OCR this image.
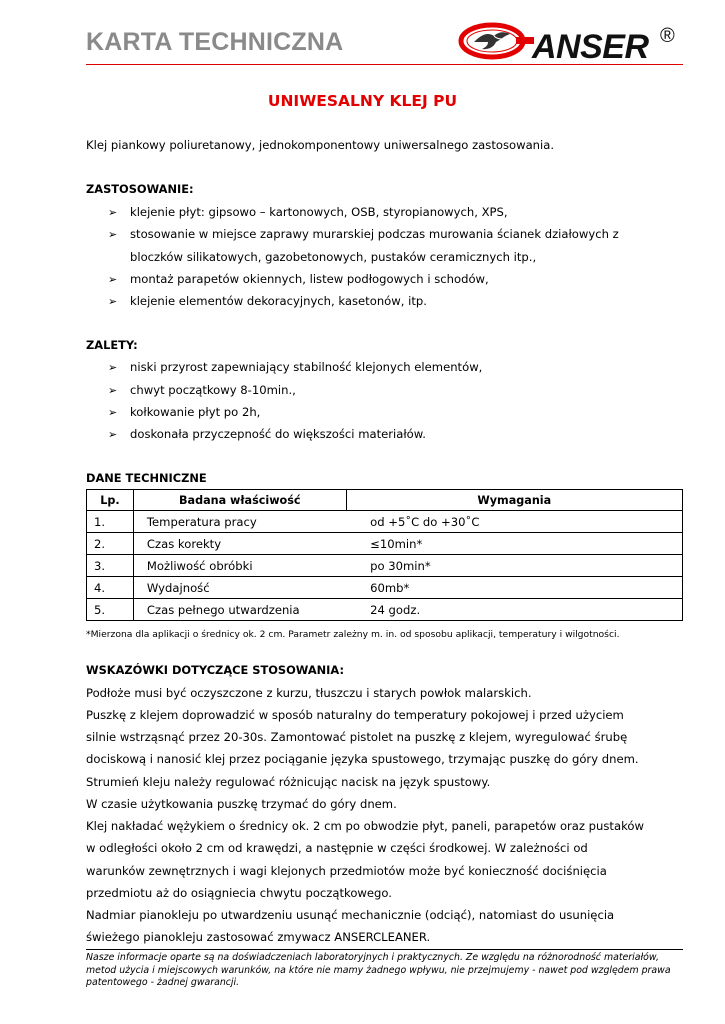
KARTA TECHNICZNA	ANSER ®
UNIWESALNY KLEJ PU
Klej piankowy poliuretanowy, jednokomponentowy uniwersalnego zastosowania.
ZASTOSOWANIE:
➢ klejenie płyt: gipsowo – kartonowych, OSB, styropianowych, XPS,
➢ stosowanie w miejsce zaprawy murarskiej podczas murowania ścianek działowych z
bloczków silikatowych, gazobetonowych, pustaków ceramicznych itp.,
➢ montaż parapetów okiennych, listew podłogowych i schodów,
➢ klejenie elementów dekoracyjnych, kasetonów, itp.
ZALETY:
➢ niski przyrost zapewniający stabilność klejonych elementów,
➢ chwyt początkowy 8-10min.,
➢ kołkowanie płyt po 2h,
➢ doskonała przyczepność do większości materiałów.
DANE TECHNICZNE
Lp.	Badana właściwość	Wymagania
1.	Temperatura pracy	od +5˚C do +30˚C
2.	Czas korekty	≤10min*
3.	Możliwość obróbki	po 30min*
4.	Wydajność	60mb*
5.	Czas pełnego utwardzenia	24 godz.
*Mierzona dla aplikacji o średnicy ok. 2 cm. Parametr zależny m. in. od sposobu aplikacji, temperatury i wilgotności.
WSKAZÓWKI DOTYCZĄCE STOSOWANIA:
Podłoże musi być oczyszczone z kurzu, tłuszczu i starych powłok malarskich.
Puszkę z klejem doprowadzić w sposób naturalny do temperatury pokojowej i przed użyciem
silnie wstrząsnąć przez 20-30s. Zamontować pistolet na puszkę z klejem, wyregulować śrubę
dociskową i nanosić klej przez pociąganie języka spustowego, trzymając puszkę do góry dnem.
Strumień kleju należy regulować różnicując nacisk na język spustowy.
W czasie użytkowania puszkę trzymać do góry dnem.
Klej nakładać wężykiem o średnicy ok. 2 cm po obwodzie płyt, paneli, parapetów oraz pustaków
w odległości około 2 cm od krawędzi, a następnie w części środkowej. W zależności od
warunków zewnętrznych i wagi klejonych przedmiotów może być konieczność dociśnięcia
przedmiotu aż do osiągniecia chwytu początkowego.
Nadmiar pianokleju po utwardzeniu usunąć mechanicznie (odciąć), natomiast do usunięcia
świeżego pianokleju zastosować zmywacz ANSERCLEANER.
Nasze informacje oparte są na doświadczeniach laboratoryjnych i praktycznych. Ze względu na różnorodność materiałów, metod użycia i miejscowych warunków, na które nie mamy żadnego wpływu, nie przejmujemy - nawet pod względem prawa patentowego - żadnej gwarancji.
